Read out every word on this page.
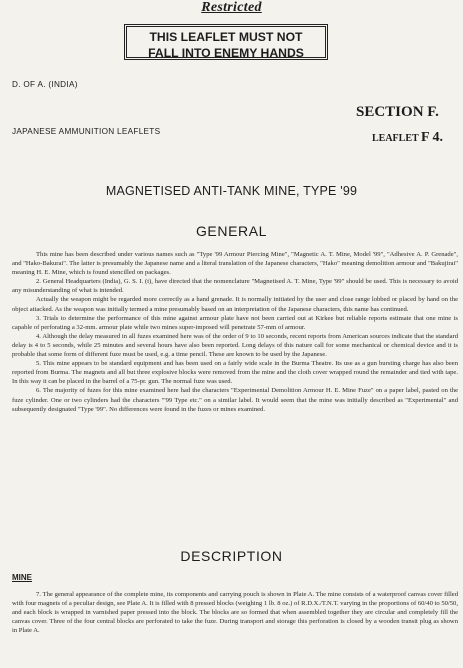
Restricted
THIS LEAFLET MUST NOT
FALL INTO ENEMY HANDS
D. OF A. (INDIA)
JAPANESE AMMUNITION LEAFLETS
SECTION F.
LEAFLET F 4.
MAGNETISED ANTI-TANK MINE, TYPE '99
GENERAL

This mine has been described under various names such as "Type '99 Armour Piercing Mine", "Magnetic A. T. Mine, Model '99", "Adhesive A. P. Grenade", and "Hako-Bakurai". The latter is presumably the Japanese name and a literal translation of the Japanese characters, "Hako" meaning demolition armour and "Bakujirai" meaning H. E. Mine, which is found stencilled on packages.

2. General Headquarters (India), G. S. I. (t), have directed that the nomenclature "Magnetised A. T. Mine, Type '99" should be used. This is necessary to avoid any misunderstanding of what is intended.

Actually the weapon might be regarded more correctly as a hand grenade. It is normally initiated by the user and close range lobbed or placed by hand on the object attacked. As the weapon was initially termed a mine presumably based on an interpretation of the Japanese characters, this name has continued.

3. Trials to determine the performance of this mine against armour plate have not been carried out at Kirkee but reliable reports estimate that one mine is capable of perforating a 32-mm. armour plate while two mines super-imposed will penetrate 57-mm of armour.

4. Although the delay measured in all fuzes examined here was of the order of 9 to 10 seconds, recent reports from American sources indicate that the standard delay is 4 to 5 seconds, while 25 minutes and several hours have also been reported. Long delays of this nature call for some mechanical or chemical device and it is probable that some form of different fuze must be used, e.g. a time pencil. These are known to be used by the Japanese.

5. This mine appears to be standard equipment and has been used on a fairly wide scale in the Burma Theatre. Its use as a gun bursting charge has also been reported from Burma. The magnets and all but three explosive blocks were removed from the mine and the cloth cover wrapped round the remainder and tied with tape. In this way it can be placed in the barrel of a 75-pr. gun. The normal fuze was used.

6. The majority of fuzes for this mine examined here had the characters "Experimental Demolition Armour H. E. Mine Fuze" on a paper label, pasted on the fuze cylinder. One or two cylinders had the characters "'99 Type etc." on a similar label. It would seem that the mine was initially described as "Experimental" and subsequently designated "Type '99". No differences were found in the fuzes or mines examined.

DESCRIPTION
MINE

7. The general appearance of the complete mine, its components and carrying pouch is shown in Plate A. The mine consists of a waterproof canvas cover filled with four magnets of a peculiar design, see Plate A. It is filled with 8 pressed blocks (weighing 1 lb. 8 oz.) of R.D.X./T.N.T. varying in the proportions of 60/40 to 50/50, and each block is wrapped in varnished paper pressed into the block. The blocks are so formed that when assembled together they are circular and completely fill the canvas cover. Three of the four central blocks are perforated to take the fuze. During transport and storage this perforation is closed by a wooden transit plug as shown in Plate A.
